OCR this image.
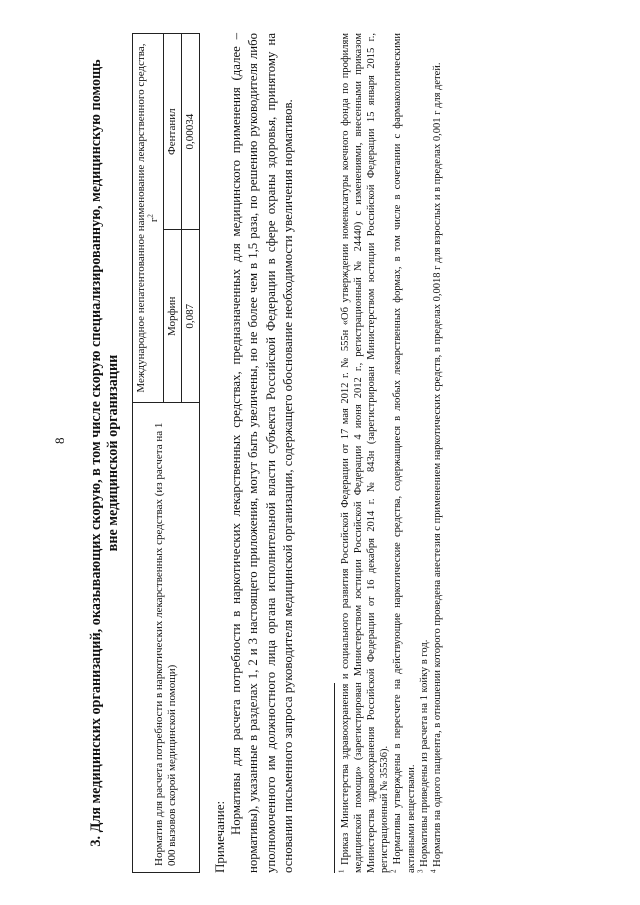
8 3. Для медицинских организаций, оказывающих скорую, в том числе скорую специализированную, медицинскую помощь вне медицинской организации	Норматив для расчета потребности в наркотических лекарственных средствах (из расчета на 1 000 вызовов скорой медицинской помощи)	Международное непатентованное наименование лекарственного средства, $г^2$
	Морфин	Фентанил
	0,087	0,00034
Примечание:

Нормативы для расчета потребности в наркотических лекарственных средствах, предназначенных для медицинского применения (далее – нормативы), указанные в разделах 1, 2 и 3 настоящего приложения, могут быть увеличены, но не более чем в 1,5 раза, по решению руководителя либо уполномоченного им должностного лица органа исполнительной власти субъекта Российской Федерации в сфере охраны здоровья, принятому на основании письменного запроса руководителя медицинской организации, содержащего обоснование необходимости увеличения нормативов.	$^1$ Приказ Министерства здравоохранения и социального развития Российской Федерации от 17 мая 2012 г. № 555н «Об утверждении номенклатуры коечного фонда по профилям медицинской помощи» (зарегистрирован Министерством юстиции Российской Федерации 4 июня 2012 г., регистрационный № 24440) с изменениями, внесенными приказом Министерства здравоохранения Российской Федерации от 16 декабря 2014 г. № 843н (зарегистрирован Министерством юстиции Российской Федерации 15 января 2015 г., регистрационный № 35536). $^2$ Нормативы утверждены в пересчете на действующие наркотические средства, содержащиеся в любых лекарственных формах, в том числе в сочетании с фармакологическими активными веществами. $^3$ Нормативы приведены из расчета на 1 койку в год.

$^4$ Норматив на одного пациента, в отношении которого проведена анестезия с применением наркотических средств, в пределах 0,0018 г для взрослых и в пределах 0,001 г для детей.
